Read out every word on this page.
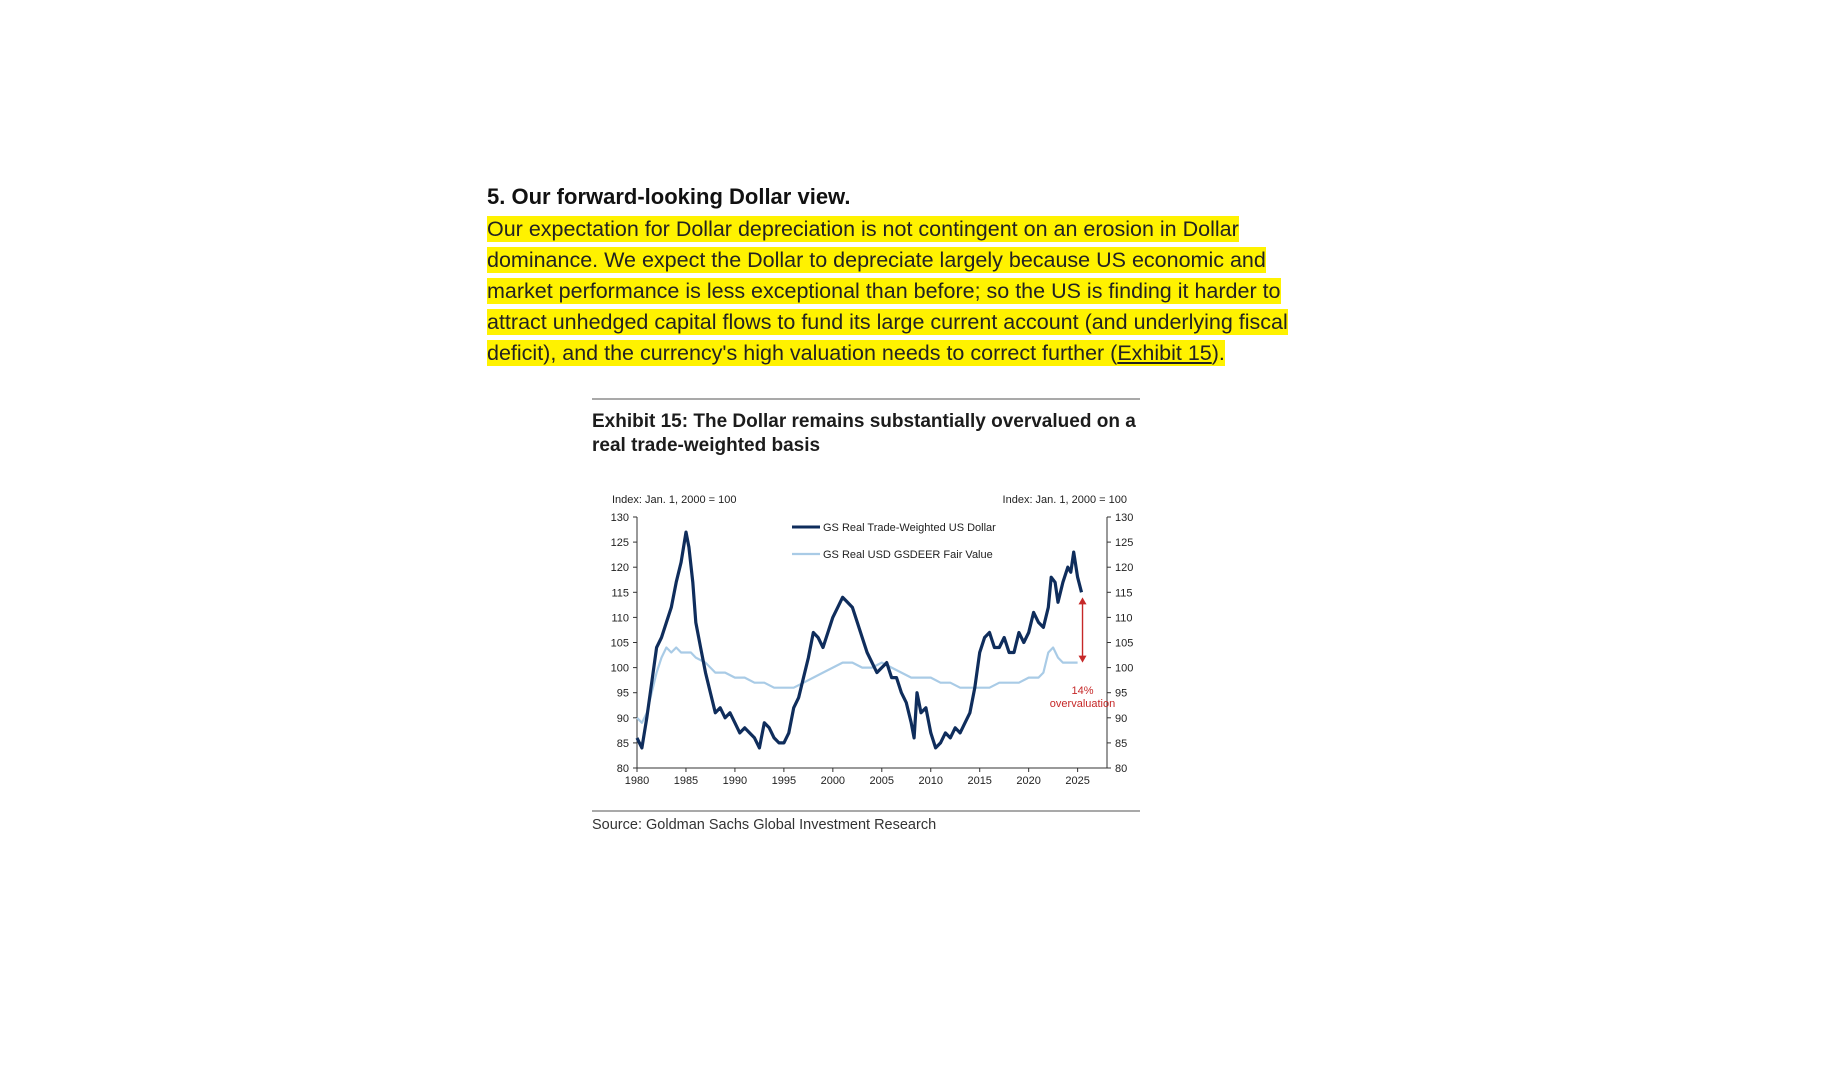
5. Our forward-looking Dollar view.
Our expectation for Dollar depreciation is not contingent on an erosion in Dollar
dominance. We expect the Dollar to depreciate largely because US economic and
market performance is less exceptional than before; so the US is finding it harder to
attract unhedged capital flows to fund its large current account (and underlying fiscal
deficit), and the currency's high valuation needs to correct further (Exhibit 15).
Exhibit 15: The Dollar remains substantially overvalued on a real trade-weighted basis
80	80
85	85
90	90
95	95
100	100
105	105
110	110
115	115
120	120
125	125
130	130
1980 1985 1990 1995 2000 2005 2010 2015 2020 2025
Index: Jan. 1, 2000 = 100	Index: Jan. 1, 2000 = 100
GS Real Trade-Weighted US Dollar
GS Real USD GSDEER Fair Value
14%
overvaluation
Source: Goldman Sachs Global Investment Research
